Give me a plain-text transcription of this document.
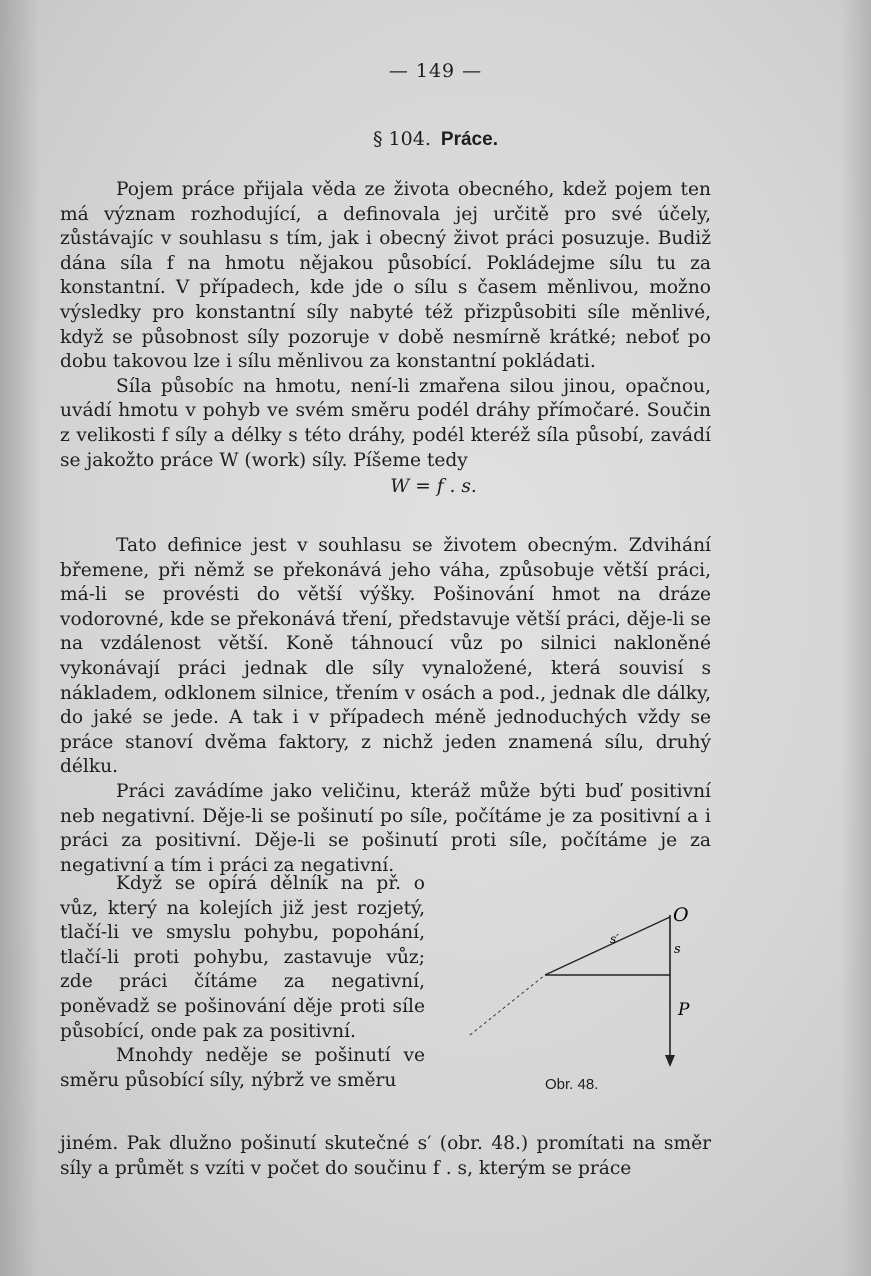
— 149 —
§ 104. Práce.

Pojem práce přijala věda ze života obecného, kdež pojem ten má význam rozhodující, a definovala jej určitě pro své účely, zůstávajíc v souhlasu s tím, jak i obecný život práci posuzuje. Budiž dána síla f na hmotu nějakou působící. Pokládejme sílu tu za konstantní. V případech, kde jde o sílu s časem měnlivou, možno výsledky pro konstantní síly nabyté též přizpůsobiti síle měnlivé, když se působnost síly pozoruje v době nesmírně krátké; neboť po dobu takovou lze i sílu měnlivou za konstantní pokládati.

Síla působíc na hmotu, není-li zmařena silou jinou, opačnou, uvádí hmotu v pohyb ve svém směru podél dráhy přímočaré. Součin z velikosti f síly a délky s této dráhy, podél kteréž síla působí, zavádí se jakožto práce W (work) síly. Píšeme tedy

W = f . s.

Tato definice jest v souhlasu se životem obecným. Zdvihání břemene, při němž se překonává jeho váha, způsobuje větší práci, má-li se provésti do větší výšky. Pošinování hmot na dráze vodorovné, kde se překonává tření, představuje větší práci, děje-li se na vzdálenost větší. Koně táhnoucí vůz po silnici nakloněné vykonávají práci jednak dle síly vynaložené, která souvisí s nákladem, odklonem silnice, třením v osách a pod., jednak dle dálky, do jaké se jede. A tak i v případech méně jednoduchých vždy se práce stanoví dvěma faktory, z nichž jeden znamená sílu, druhý délku.

Práci zavádíme jako veličinu, kteráž může býti buď positivní neb negativní. Děje-li se pošinutí po síle, počítáme je za positivní a i práci za positivní. Děje-li se pošinutí proti síle, počítáme je za negativní a tím i práci za negativní.

Když se opírá dělník na př. o vůz, který na kolejích již jest rozjetý, tlačí-li ve smyslu pohybu, popohání, tlačí-li proti pohybu, zastavuje vůz; zde práci čítáme za negativní, poněvadž se pošinování děje proti síle působící, onde pak za positivní.

Mnohdy neděje se pošinutí ve směru působící síly, nýbrž ve směru

jiném. Pak dlužno pošinutí skutečné s′ (obr. 48.) promítati na směr síly a průmět s vzíti v počet do součinu f . s, kterým se práce

O
s
s′
P
Obr. 48.
